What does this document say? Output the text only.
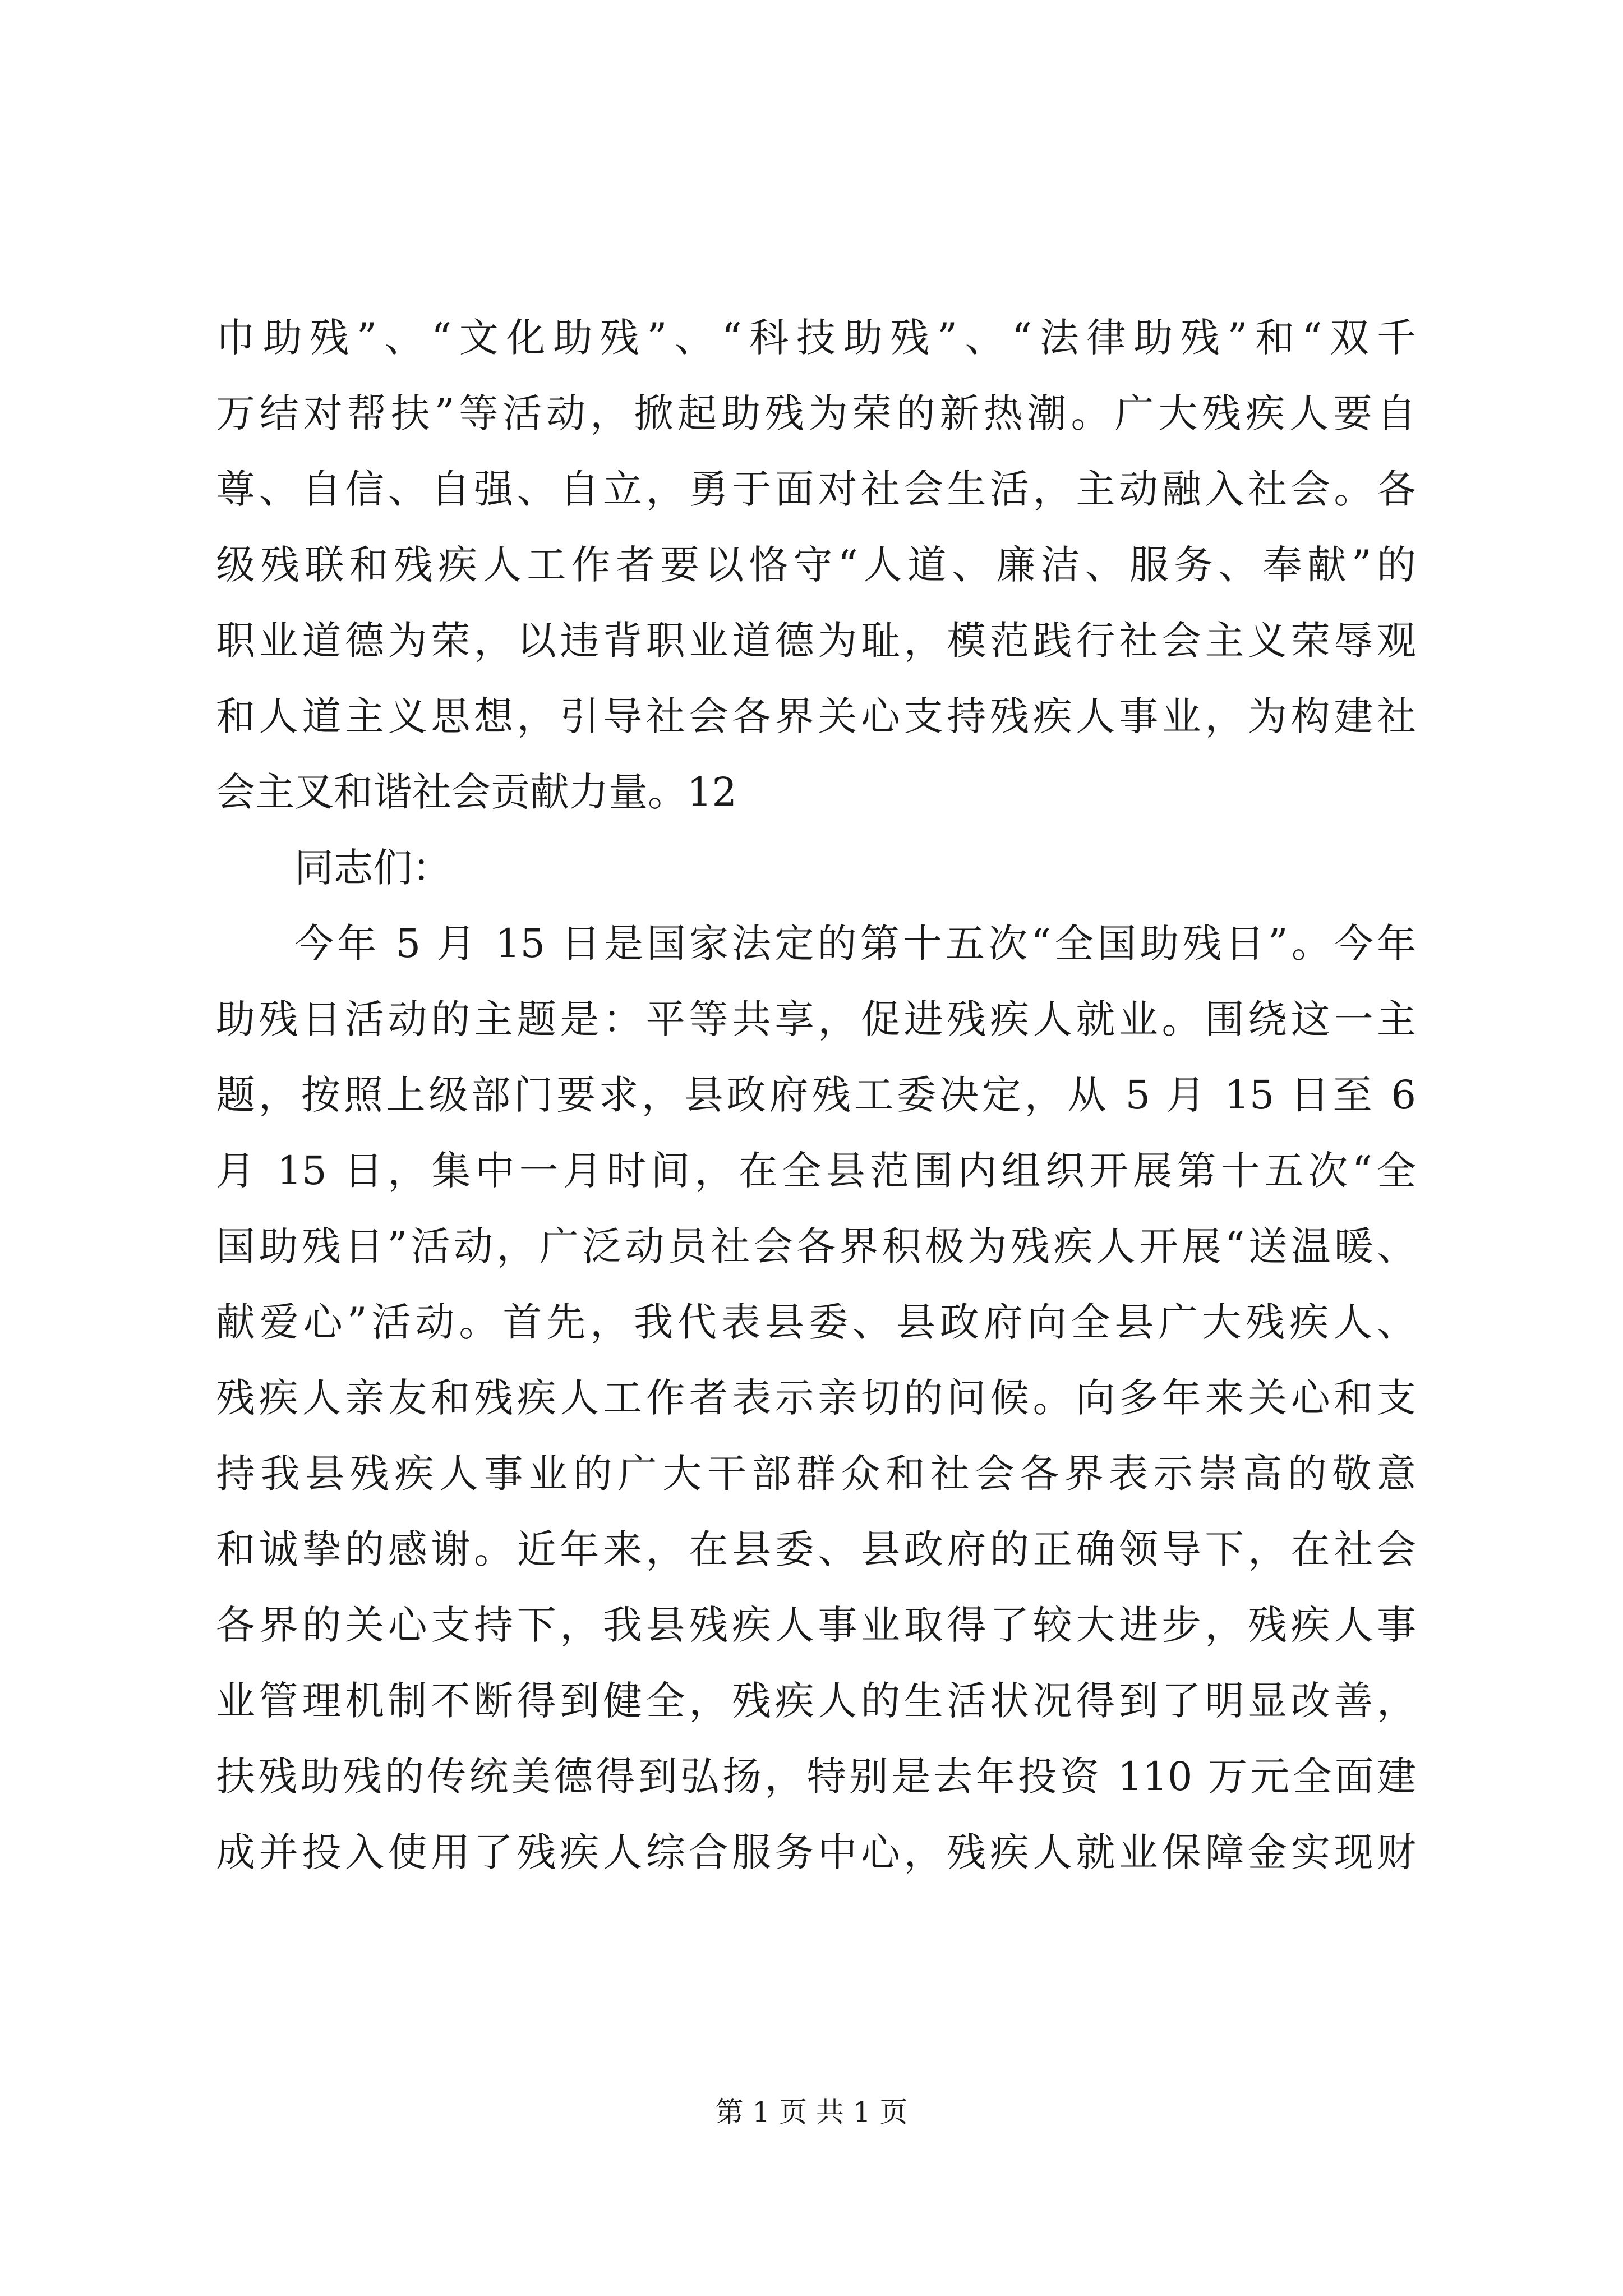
巾助残”、“文化助残”、“科技助残”、“法律助残”和“双千
万结对帮扶”等活动，掀起助残为荣的新热潮。广大残疾人要自
尊、自信、自强、自立，勇于面对社会生活，主动融入社会。各
级残联和残疾人工作者要以恪守“人道、廉洁、服务、奉献”的
职业道德为荣，以违背职业道德为耻，模范践行社会主义荣辱观
和人道主义思想，引导社会各界关心支持残疾人事业，为构建社
会主叉和谐社会贡献力量。12
同志们：
今年 5 月 15 日是国家法定的第十五次“全国助残日”。今年
助残日活动的主题是：平等共享，促进残疾人就业。围绕这一主
题，按照上级部门要求，县政府残工委决定，从 5 月 15 日至 6
月 15 日，集中一月时间，在全县范围内组织开展第十五次“全
国助残日”活动，广泛动员社会各界积极为残疾人开展“送温暖、
献爱心”活动。首先，我代表县委、县政府向全县广大残疾人、
残疾人亲友和残疾人工作者表示亲切的问候。向多年来关心和支
持我县残疾人事业的广大干部群众和社会各界表示崇高的敬意
和诚挚的感谢。近年来，在县委、县政府的正确领导下，在社会
各界的关心支持下，我县残疾人事业取得了较大进步，残疾人事
业管理机制不断得到健全，残疾人的生活状况得到了明显改善，
扶残助残的传统美德得到弘扬，特别是去年投资 110 万元全面建
成并投入使用了残疾人综合服务中心，残疾人就业保障金实现财
第 1 页 共 1 页
